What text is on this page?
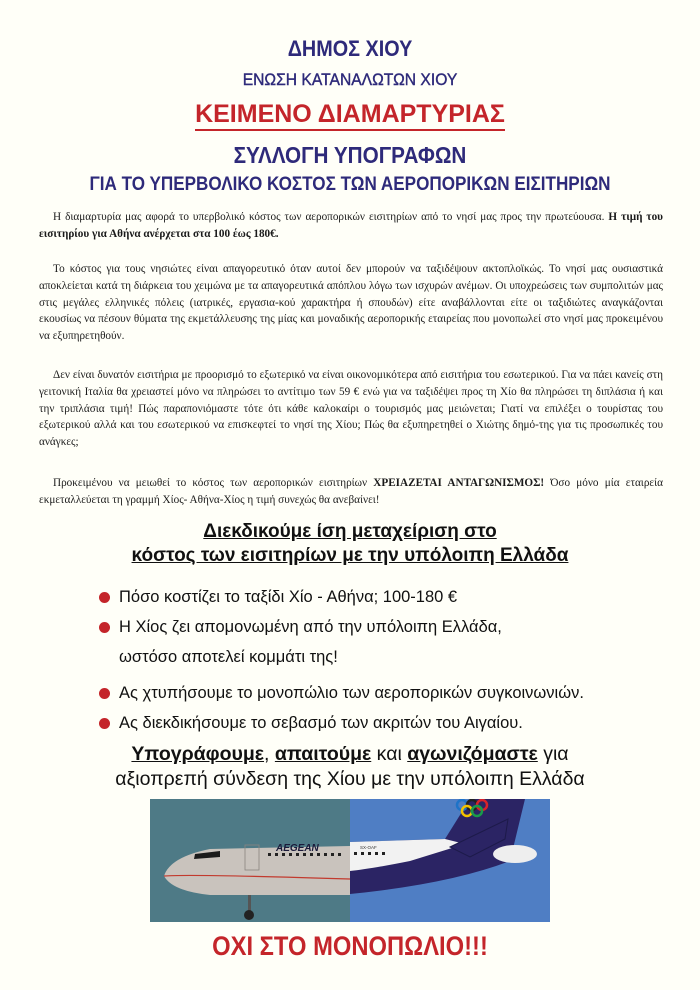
ΔΗΜΟΣ ΧΙΟΥ
ΕΝΩΣΗ ΚΑΤΑΝΑΛΩΤΩΝ ΧΙΟΥ
ΚΕΙΜΕΝΟ ΔΙΑΜΑΡΤΥΡΙΑΣ
ΣΥΛΛΟΓΗ ΥΠΟΓΡΑΦΩΝ
ΓΙΑ ΤΟ ΥΠΕΡΒΟΛΙΚΟ ΚΟΣΤΟΣ ΤΩΝ ΑΕΡΟΠΟΡΙΚΩΝ ΕΙΣΙΤΗΡΙΩΝ
Η διαμαρτυρία μας αφορά το υπερβολικό κόστος των αεροπορικών εισιτηρίων από το νησί μας προς την πρωτεύουσα. Η τιμή του εισιτηρίου για Αθήνα ανέρχεται στα 100 έως 180€.
Το κόστος για τους νησιώτες είναι απαγορευτικό όταν αυτοί δεν μπορούν να ταξιδέψουν ακτοπλοϊκώς. Το νησί μας ουσιαστικά αποκλείεται κατά τη διάρκεια του χειμώνα με τα απαγορευτικά απόπλου λόγω των ισχυρών ανέμων. Οι υποχρεώσεις των συμπολιτών μας στις μεγάλες ελληνικές πόλεις (ιατρικές, εργασια-κού χαρακτήρα ή σπουδών) είτε αναβάλλονται είτε οι ταξιδιώτες αναγκάζονται εκουσίως να πέσουν θύματα της εκμετάλλευσης της μίας και μοναδικής αεροπορικής εταιρείας που μονοπωλεί στο νησί μας προκειμένου να εξυπηρετηθούν.
Δεν είναι δυνατόν εισιτήρια με προορισμό το εξωτερικό να είναι οικονομικότερα από εισιτήρια του εσωτερικού. Για να πάει κανείς στη γειτονική Ιταλία θα χρειαστεί μόνο να πληρώσει το αντίτιμο των 59 € ενώ για να ταξιδέψει προς τη Χίο θα πληρώσει τη διπλάσια ή και την τριπλάσια τιμή! Πώς παραπονιόμαστε τότε ότι κάθε καλοκαίρι ο τουρισμός μας μειώνεται; Γιατί να επιλέξει ο τουρίστας του εξωτερικού αλλά και του εσωτερικού να επισκεφτεί το νησί της Χίου; Πώς θα εξυπηρετηθεί ο Χιώτης δημό-της για τις προσωπικές του ανάγκες;
Προκειμένου να μειωθεί το κόστος των αεροπορικών εισιτηρίων ΧΡΕΙΑΖΕΤΑΙ ΑΝΤΑΓΩΝΙΣΜΟΣ! Όσο μόνο μία εταιρεία εκμεταλλεύεται τη γραμμή Χίος- Αθήνα-Χίος η τιμή συνεχώς θα ανεβαίνει!
Διεκδικούμε ίση μεταχείριση στο
κόστος των εισιτηρίων με την υπόλοιπη Ελλάδα
Πόσο κοστίζει το ταξίδι Χίο - Αθήνα; 100-180 €
Η Χίος ζει απομονωμένη από την υπόλοιπη Ελλάδα, ωστόσο αποτελεί κομμάτι της!
Ας χτυπήσουμε το μονοπώλιο των αεροπορικών συγκοινωνιών.
Ας διεκδικήσουμε το σεβασμό των ακριτών του Αιγαίου.
Υπογράφουμε, απαιτούμε και αγωνιζόμαστε για
αξιοπρεπή σύνδεση της Χίου με την υπόλοιπη Ελλάδα
AEGEAN	SX-OAF
ΟΧΙ ΣΤΟ ΜΟΝΟΠΩΛΙΟ!!!
